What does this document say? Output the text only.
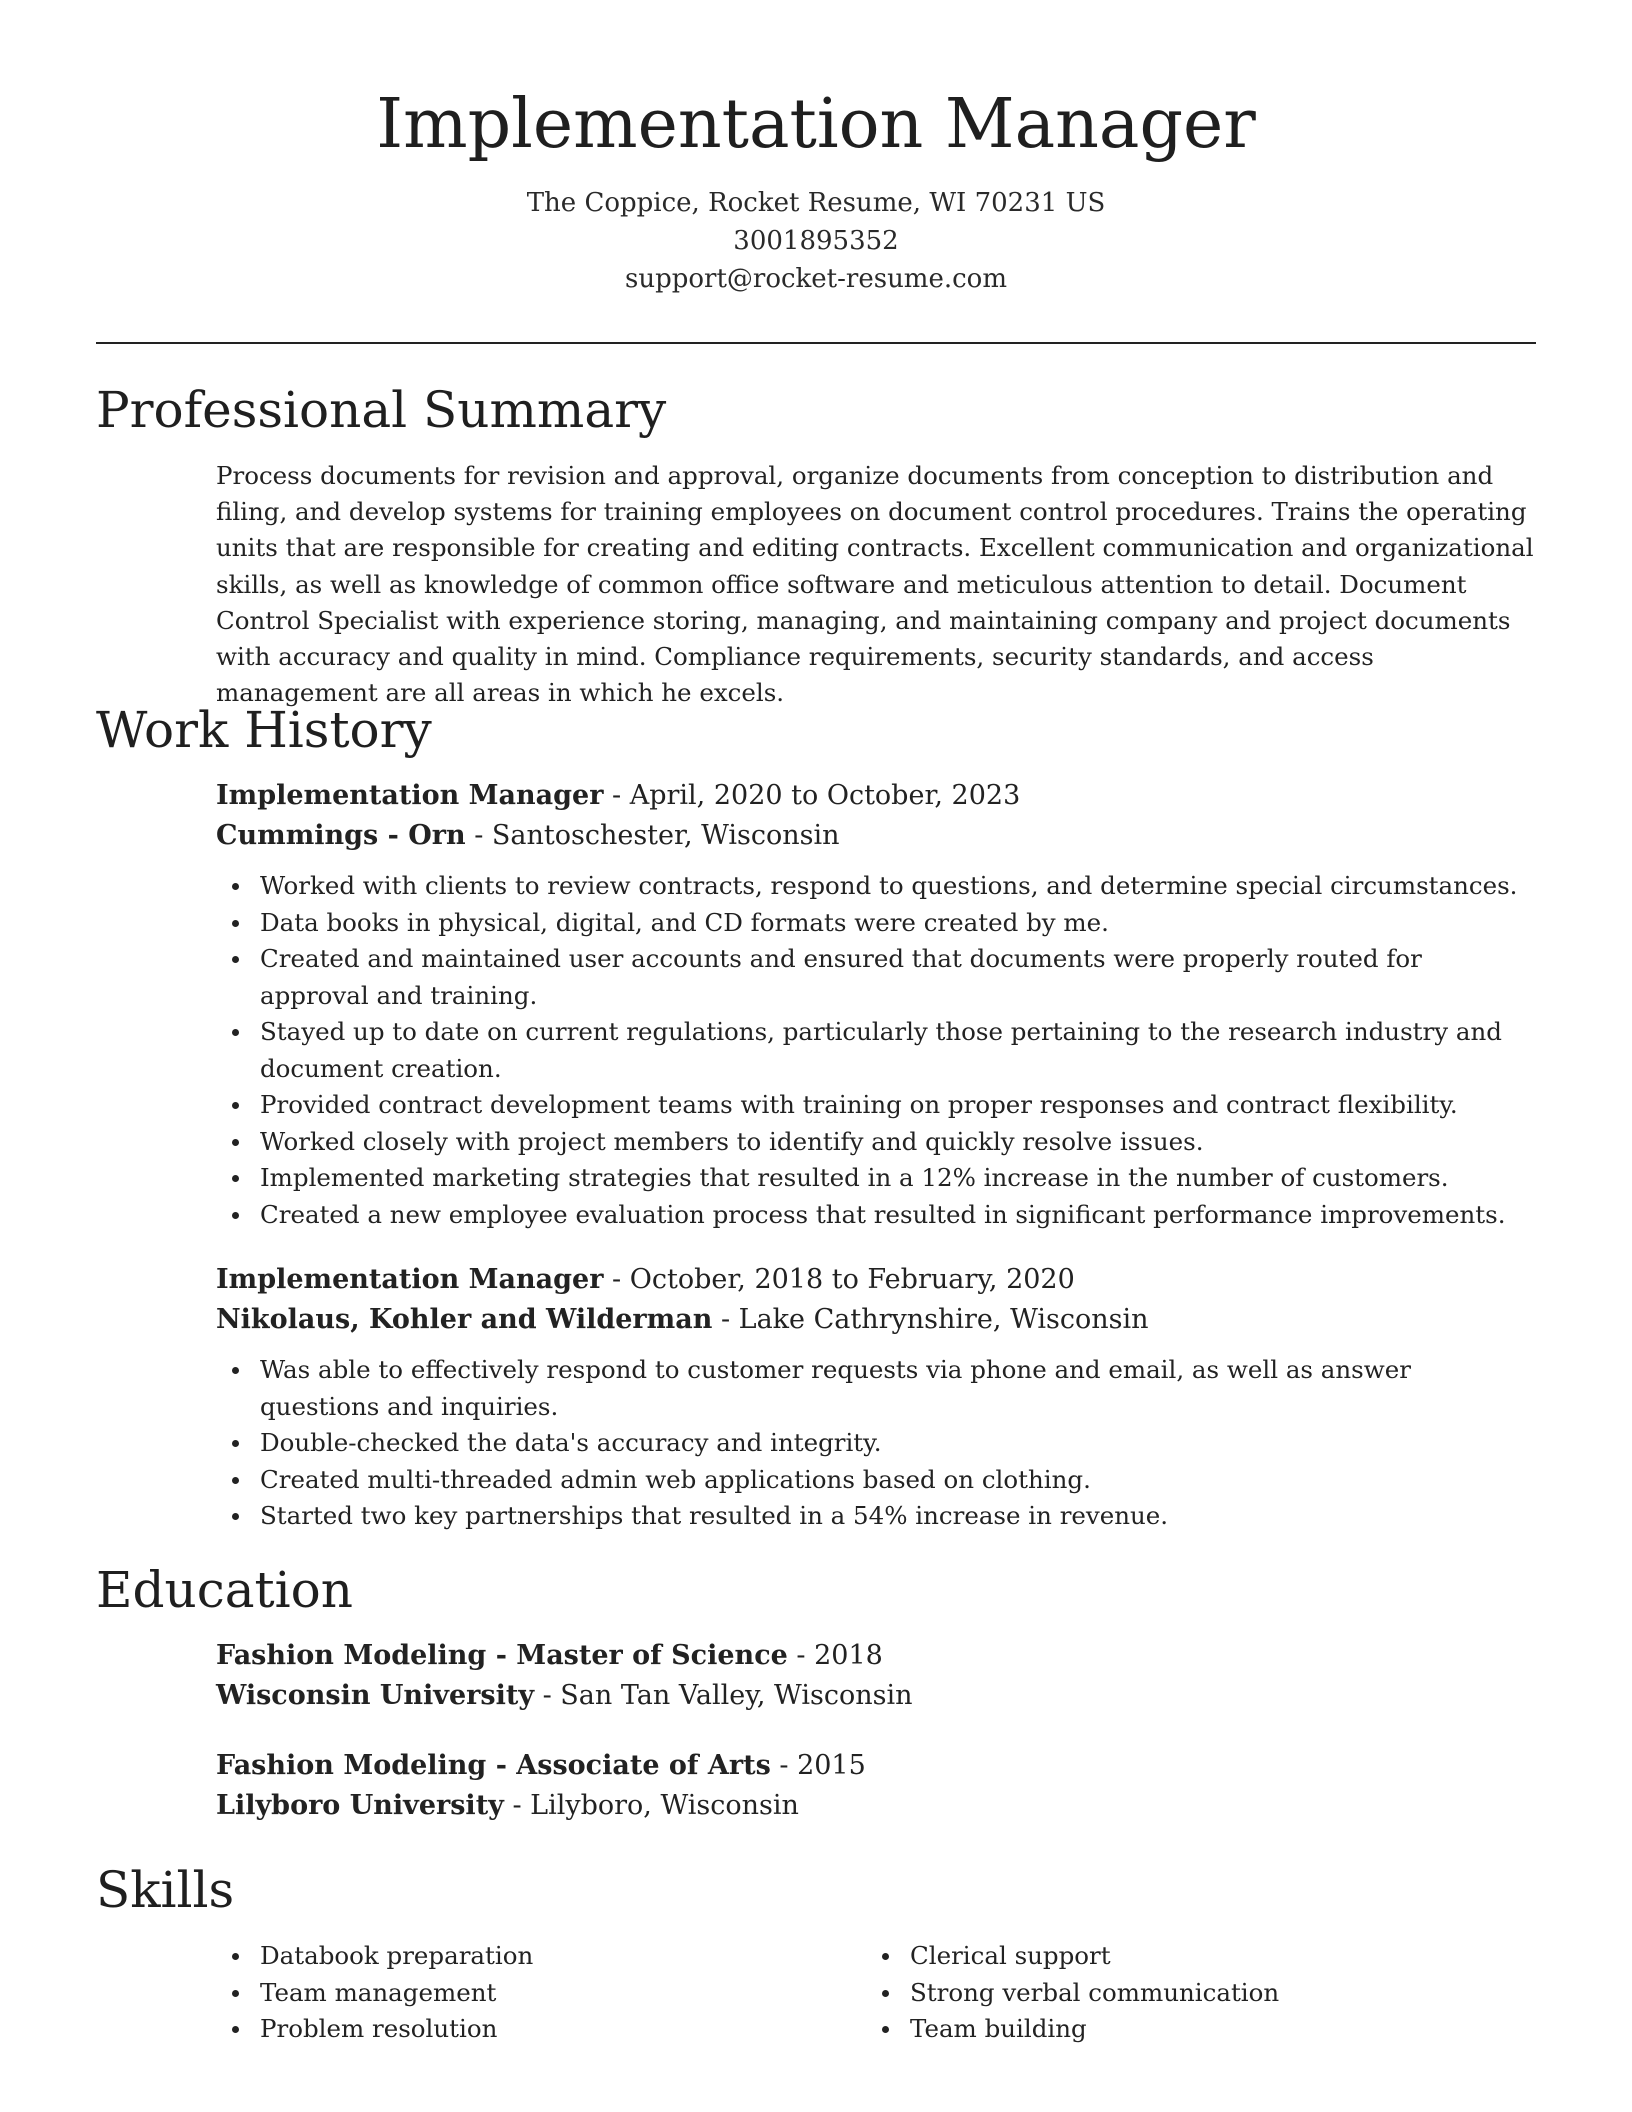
Implementation Manager
The Coppice, Rocket Resume, WI 70231 US
3001895352
support@rocket-resume.com
Professional Summary
Process documents for revision and approval, organize documents from conception to distribution and filing, and develop systems for training employees on document control procedures. Trains the operating units that are responsible for creating and editing contracts. Excellent communication and organizational skills, as well as knowledge of common office software and meticulous attention to detail. Document Control Specialist with experience storing, managing, and maintaining company and project documents with accuracy and quality in mind. Compliance requirements, security standards, and access management are all areas in which he excels.
Work History
Implementation Manager - April, 2020 to October, 2023
Cummings - Orn - Santoschester, Wisconsin
Worked with clients to review contracts, respond to questions, and determine special circumstances.
Data books in physical, digital, and CD formats were created by me.
Created and maintained user accounts and ensured that documents were properly routed for approval and training.
Stayed up to date on current regulations, particularly those pertaining to the research industry and document creation.
Provided contract development teams with training on proper responses and contract flexibility.
Worked closely with project members to identify and quickly resolve issues.
Implemented marketing strategies that resulted in a 12% increase in the number of customers.
Created a new employee evaluation process that resulted in significant performance improvements.
Implementation Manager - October, 2018 to February, 2020
Nikolaus, Kohler and Wilderman - Lake Cathrynshire, Wisconsin
Was able to effectively respond to customer requests via phone and email, as well as answer questions and inquiries.
Double-checked the data's accuracy and integrity.
Created multi-threaded admin web applications based on clothing.
Started two key partnerships that resulted in a 54% increase in revenue.
Education
Fashion Modeling - Master of Science - 2018
Wisconsin University - San Tan Valley, Wisconsin
Fashion Modeling - Associate of Arts - 2015
Lilyboro University - Lilyboro, Wisconsin
Skills
Databook preparation
Team management
Problem resolution
Clerical support
Strong verbal communication
Team building
